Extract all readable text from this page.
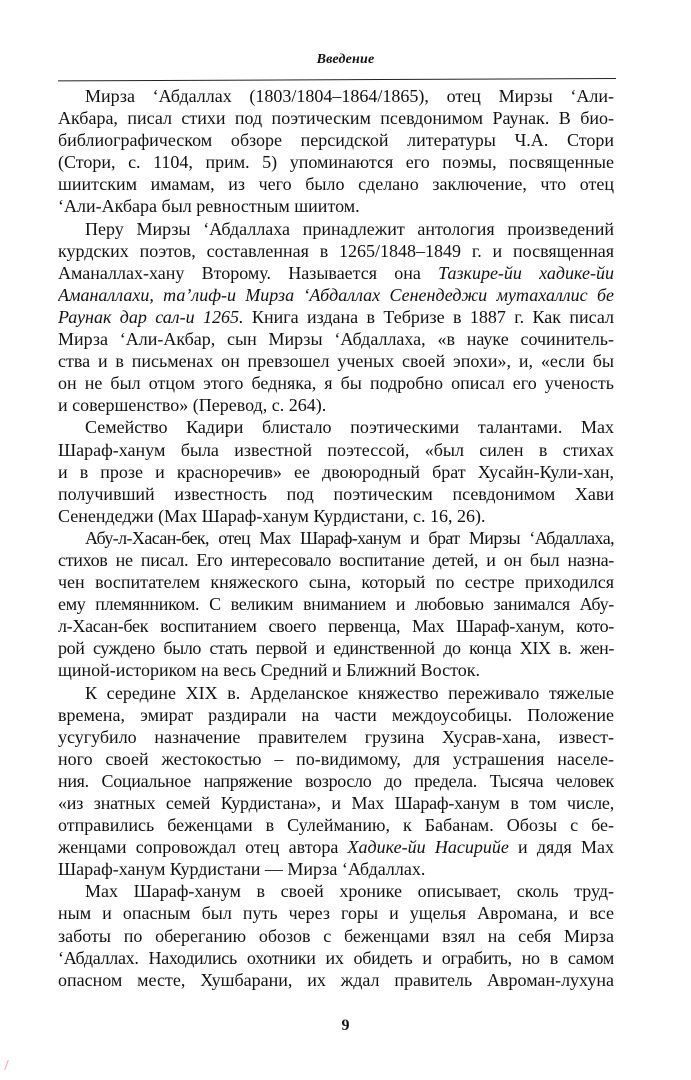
Введение

Мирза ‘Абдаллах (1803/1804–1864/1865), отец Мирзы ‘Али-
Акбара, писал стихи под поэтическим псевдонимом Раунак. В био-
библиографическом обзоре персидской литературы Ч.А. Стори
(Стори, с. 1104, прим. 5) упоминаются его поэмы, посвященные
шиитским имамам, из чего было сделано заключение, что отец
‘Али-Акбара был ревностным шиитом.

Перу Мирзы ‘Абдаллаха принадлежит антология произведений
курдских поэтов, составленная в 1265/1848–1849 г. и посвященная
Аманаллах-хану Второму. Называется она Тазкире-йи хадике-йи
Аманаллахи, та’лиф-и Мирза ‘Абдаллах Сенендеджи мутахаллис бе
Раунак дар сал-и 1265. Книга издана в Тебризе в 1887 г. Как писал
Мирза ‘Али-Акбар, сын Мирзы ‘Абдаллаха, «в науке сочинитель-
ства и в письменах он превзошел ученых своей эпохи», и, «если бы
он не был отцом этого бедняка, я бы подробно описал его ученость
и совершенство» (Перевод, с. 264).

Семейство Кадири блистало поэтическими талантами. Мах
Шараф-ханум была известной поэтессой, «был силен в стихах
и в прозе и красноречив» ее двоюродный брат Хусайн-Кули-хан,
получивший известность под поэтическим псевдонимом Хави
Сенендеджи (Мах Шараф-ханум Курдистани, с. 16, 26).

Абу-л-Хасан-бек, отец Мах Шараф-ханум и брат Мирзы ‘Абдаллаха,
стихов не писал. Его интересовало воспитание детей, и он был назна-
чен воспитателем княжеского сына, который по сестре приходился
ему племянником. С великим вниманием и любовью занимался Абу-
л-Хасан-бек воспитанием своего первенца, Мах Шараф-ханум, кото-
рой суждено было стать первой и единственной до конца XIX в. жен-
щиной-историком на весь Средний и Ближний Восток.

К середине XIX в. Арделанское княжество переживало тяжелые
времена, эмират раздирали на части междоусобицы. Положение
усугубило назначение правителем грузина Хусрав-хана, извест-
ного своей жестокостью – по-видимому, для устрашения населе-
ния. Социальное напряжение возросло до предела. Тысяча человек
«из знатных семей Курдистана», и Мах Шараф-ханум в том числе,
отправились беженцами в Сулейманию, к Бабанам. Обозы с бе-
женцами сопровождал отец автора Хадике-йи Насирийе и дядя Мах
Шараф-ханум Курдистани — Мирза ‘Абдаллах.

Мах Шараф-ханум в своей хронике описывает, сколь труд-
ным и опасным был путь через горы и ущелья Авромана, и все
заботы по обереганию обозов с беженцами взял на себя Мирза
‘Абдаллах. Находились охотники их обидеть и ограбить, но в самом
опасном месте, Хушбарани, их ждал правитель Авроман-лухуна

9
